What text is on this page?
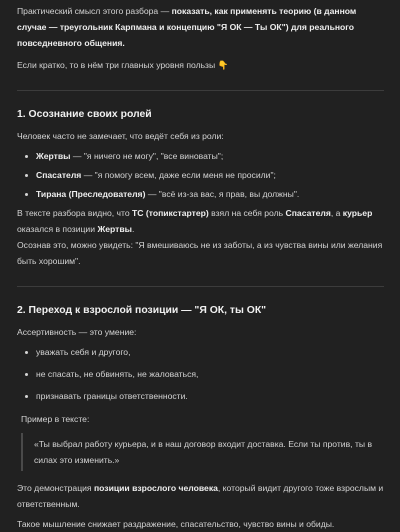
Практический смысл этого разбора — показать, как применять теорию (в данном случае — треугольник Карпмана и концепцию "Я ОК — Ты ОК") для реального повседневного общения.

Если кратко, то в нём три главных уровня пользы 👇

1. Осознание своих ролей

Человек часто не замечает, что ведёт себя из роли:

Жертвы — "я ничего не могу", "все виноваты";
Спасателя — "я помогу всем, даже если меня не просили";
Тирана (Преследователя) — "всё из-за вас, я прав, вы должны".

В тексте разбора видно, что ТС (топикстартер) взял на себя роль Спасателя, а курьер оказался в позиции Жертвы.

Осознав это, можно увидеть: "Я вмешиваюсь не из заботы, а из чувства вины или желания быть хорошим".

2. Переход к взрослой позиции — "Я ОК, ты ОК"

Ассертивность — это умение:

уважать себя и другого,
не спасать, не обвинять, не жаловаться,
признавать границы ответственности.

Пример в тексте:

«Ты выбрал работу курьера, и в наш договор входит доставка. Если ты против, ты в силах это изменить.»

Это демонстрация позиции взрослого человека, который видит другого тоже взрослым и ответственным.

Такое мышление снижает раздражение, спасательство, чувство вины и обиды.
